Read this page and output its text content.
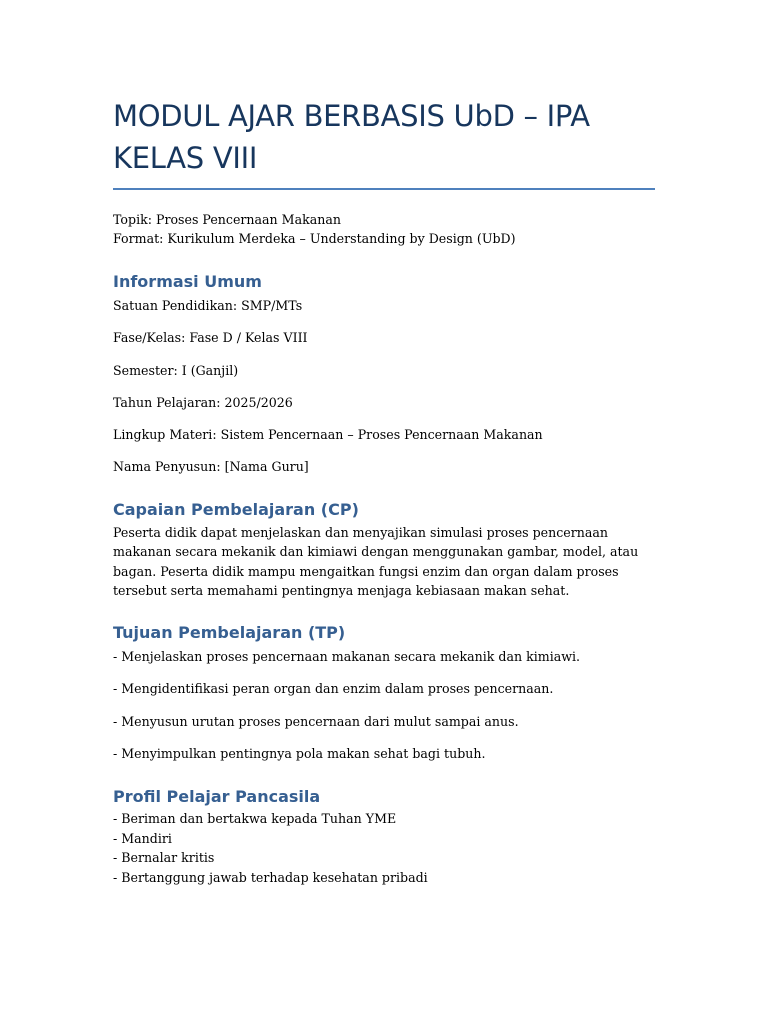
MODUL AJAR BERBASIS UbD – IPA KELAS VIII
Topik: Proses Pencernaan Makanan
Format: Kurikulum Merdeka – Understanding by Design (UbD)
Informasi Umum

Satuan Pendidikan: SMP/MTs

Fase/Kelas: Fase D / Kelas VIII

Semester: I (Ganjil)

Tahun Pelajaran: 2025/2026

Lingkup Materi: Sistem Pencernaan – Proses Pencernaan Makanan

Nama Penyusun: [Nama Guru]

Capaian Pembelajaran (CP)

Peserta didik dapat menjelaskan dan menyajikan simulasi proses pencernaan makanan secara mekanik dan kimiawi dengan menggunakan gambar, model, atau bagan. Peserta didik mampu mengaitkan fungsi enzim dan organ dalam proses tersebut serta memahami pentingnya menjaga kebiasaan makan sehat.

Tujuan Pembelajaran (TP)

- Menjelaskan proses pencernaan makanan secara mekanik dan kimiawi.

- Mengidentifikasi peran organ dan enzim dalam proses pencernaan.

- Menyusun urutan proses pencernaan dari mulut sampai anus.

- Menyimpulkan pentingnya pola makan sehat bagi tubuh.

Profil Pelajar Pancasila

- Beriman dan bertakwa kepada Tuhan YME

- Mandiri

- Bernalar kritis

- Bertanggung jawab terhadap kesehatan pribadi
